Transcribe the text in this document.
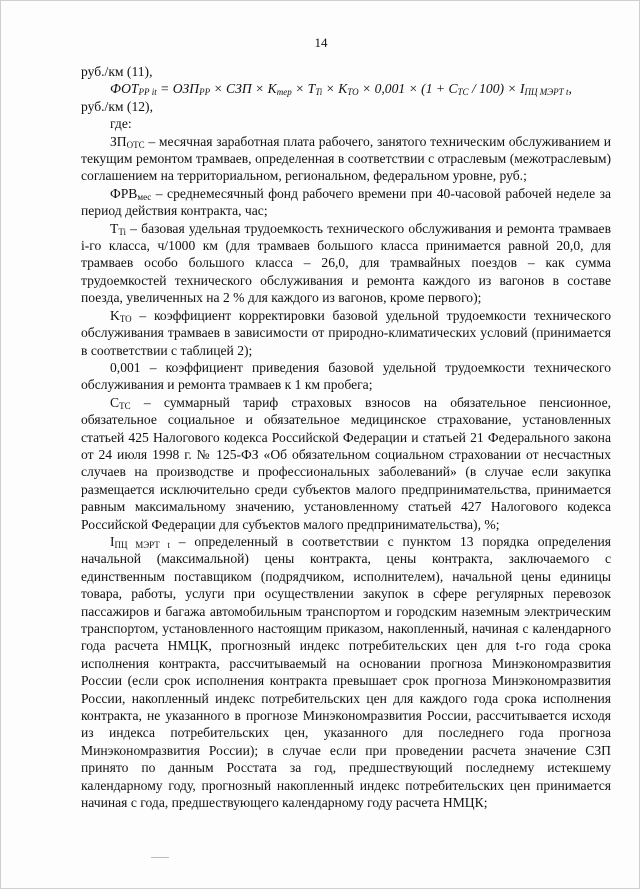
14

руб./км (11),

$ФОТ_{РР it} = ОЗП_{РР}$ × СЗП × $K_{тер} \times T_{Ti} \times K_{TO} \times 0,001 \times (1 + C_{TC} / 100) \times I_{ПЦ МЭРТ t}$,

руб./км (12),

где:

$ЗП_{ОТС}$ – месячная заработная плата рабочего, занятого техническим обслуживанием и текущим ремонтом трамваев, определенная в соответствии с отраслевым (межотраслевым) соглашением на территориальном, региональном, федеральном уровне, руб.;

$ФРВ_{мес}$ – среднемесячный фонд рабочего времени при 40-часовой рабочей неделе за период действия контракта, час;

$T_{Ti}$ – базовая удельная трудоемкость технического обслуживания и ремонта трамваев i-го класса, ч/1000 км (для трамваев большого класса принимается равной 20,0, для трамваев особо большого класса – 26,0, для трамвайных поездов – как сумма трудоемкостей технического обслуживания и ремонта каждого из вагонов в составе поезда, увеличенных на 2 % для каждого из вагонов, кроме первого);

$K_{TO}$ – коэффициент корректировки базовой удельной трудоемкости технического обслуживания трамваев в зависимости от природно-климатических условий (принимается в соответствии с таблицей 2);

0,001 – коэффициент приведения базовой удельной трудоемкости технического обслуживания и ремонта трамваев к 1 км пробега;

$C_{TC}$ – суммарный тариф страховых взносов на обязательное пенсионное, обязательное социальное и обязательное медицинское страхование, установленных статьей 425 Налогового кодекса Российской Федерации и статьей 21 Федерального закона от 24 июля 1998 г. № 125-ФЗ «Об обязательном социальном страховании от несчастных случаев на производстве и профессиональных заболеваний» (в случае если закупка размещается исключительно среди субъектов малого предпринимательства, принимается равным максимальному значению, установленному статьей 427 Налогового кодекса Российской Федерации для субъектов малого предпринимательства), %;

$I_{ПЦ МЭРТ t}$ – определенный в соответствии с пунктом 13 порядка определения начальной (максимальной) цены контракта, цены контракта, заключаемого с единственным поставщиком (подрядчиком, исполнителем), начальной цены единицы товара, работы, услуги при осуществлении закупок в сфере регулярных перевозок пассажиров и багажа автомобильным транспортом и городским наземным электрическим транспортом, установленного настоящим приказом, накопленный, начиная с календарного года расчета НМЦК, прогнозный индекс потребительских цен для t-го года срока исполнения контракта, рассчитываемый на основании прогноза Минэкономразвития России (если срок исполнения контракта превышает срок прогноза Минэкономразвития России, накопленный индекс потребительских цен для каждого года срока исполнения контракта, не указанного в прогнозе Минэкономразвития России, рассчитывается исходя из индекса потребительских цен, указанного для последнего года прогноза Минэкономразвития России); в случае если при проведении расчета значение СЗП принято по данным Росстата за год, предшествующий последнему истекшему календарному году, прогнозный накопленный индекс потребительских цен принимается начиная с года, предшествующего календарному году расчета НМЦК;
